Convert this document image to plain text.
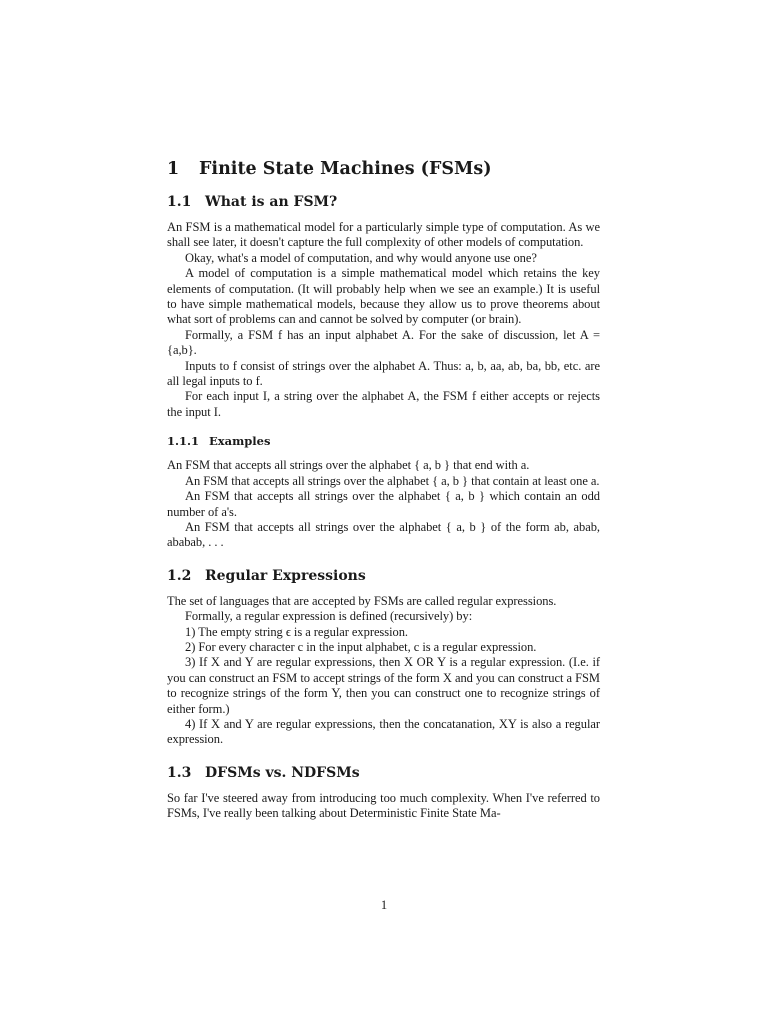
1 Finite State Machines (FSMs)
1.1 What is an FSM?

An FSM is a mathematical model for a particularly simple type of computation. As we shall see later, it doesn't capture the full complexity of other models of computation.

Okay, what's a model of computation, and why would anyone use one?

A model of computation is a simple mathematical model which retains the key elements of computation. (It will probably help when we see an example.) It is useful to have simple mathematical models, because they allow us to prove theorems about what sort of problems can and cannot be solved by computer (or brain).

Formally, a FSM f has an input alphabet A. For the sake of discussion, let A = {a,b}.

Inputs to f consist of strings over the alphabet A. Thus: a, b, aa, ab, ba, bb, etc. are all legal inputs to f.

For each input I, a string over the alphabet A, the FSM f either accepts or rejects the input I.

1.1.1 Examples

An FSM that accepts all strings over the alphabet { a, b } that end with a.

An FSM that accepts all strings over the alphabet { a, b } that contain at least one a.

An FSM that accepts all strings over the alphabet { a, b } which contain an odd number of a's.

An FSM that accepts all strings over the alphabet { a, b } of the form ab, abab, ababab, . . .

1.2 Regular Expressions

The set of languages that are accepted by FSMs are called regular expressions.

Formally, a regular expression is defined (recursively) by:

1) The empty string ϵ is a regular expression.

2) For every character c in the input alphabet, c is a regular expression.

3) If X and Y are regular expressions, then X OR Y is a regular expression. (I.e. if you can construct an FSM to accept strings of the form X and you can construct a FSM to recognize strings of the form Y, then you can construct one to recognize strings of either form.)

4) If X and Y are regular expressions, then the concatanation, XY is also a regular expression.

1.3 DFSMs vs. NDFSMs

So far I've steered away from introducing too much complexity. When I've referred to FSMs, I've really been talking about Deterministic Finite State Ma-

1
